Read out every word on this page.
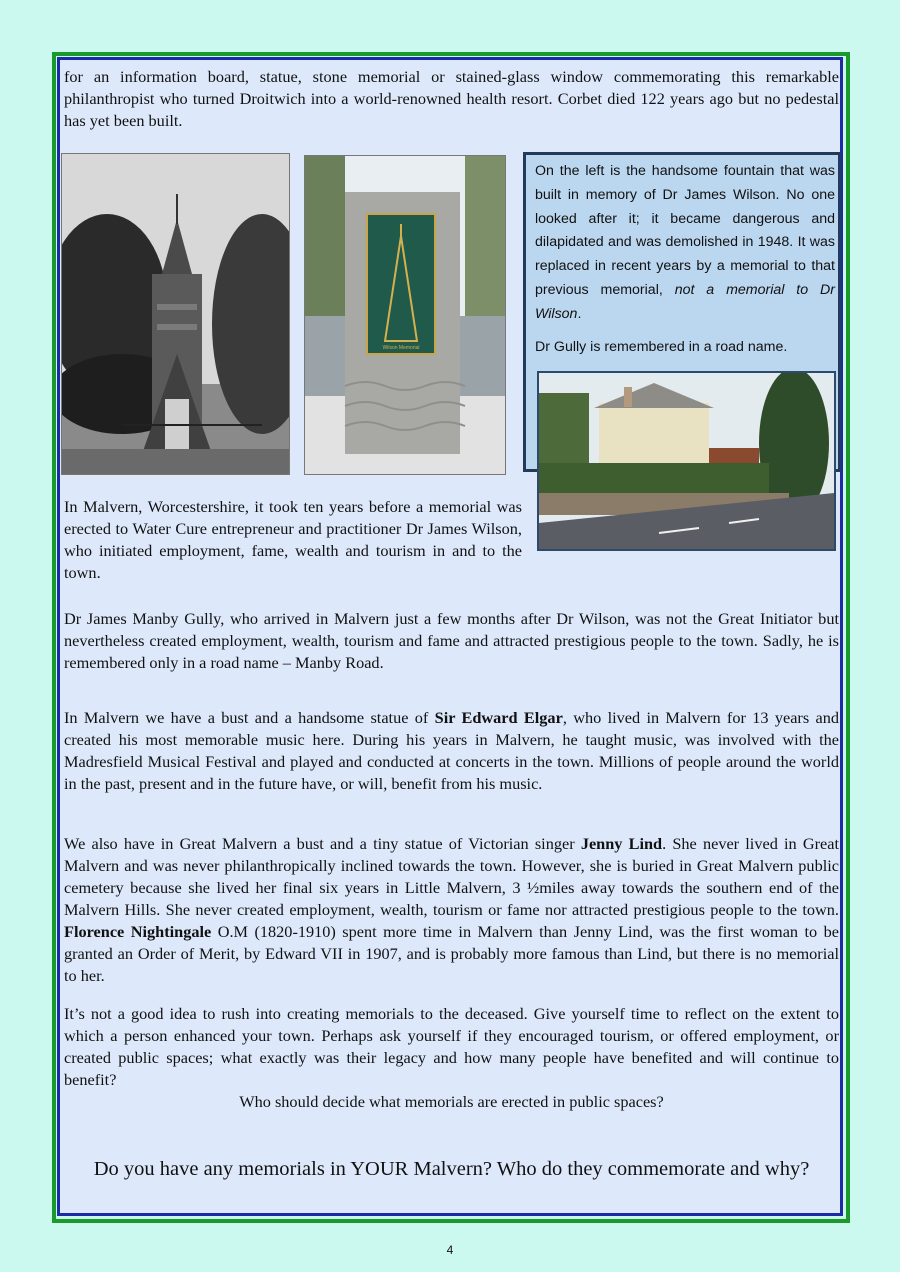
for an information board, statue, stone memorial or stained-glass window commemorating this remarkable philanthropist who turned Droitwich into a world-renowned health resort. Corbet died 122 years ago but no pedestal has yet been built.
Wilson Memorial

On the left is the handsome fountain that was built in memory of Dr James Wilson. No one looked after it; it became dangerous and dilapidated and was demolished in 1948. It was replaced in recent years by a memorial to that previous memorial, not a memorial to Dr Wilson.

Dr Gully is remembered in a road name.

In Malvern, Worcestershire, it took ten years before a memorial was erected to Water Cure entrepreneur and practitioner Dr James Wilson, who initiated employment, fame, wealth and tourism in and to the town.
Dr James Manby Gully, who arrived in Malvern just a few months after Dr Wilson, was not the Great Initiator but nevertheless created employment, wealth, tourism and fame and attracted prestigious people to the town. Sadly, he is remembered only in a road name – Manby Road.
In Malvern we have a bust and a handsome statue of Sir Edward Elgar, who lived in Malvern for 13 years and created his most memorable music here. During his years in Malvern, he taught music, was involved with the Madresfield Musical Festival and played and conducted at concerts in the town. Millions of people around the world in the past, present and in the future have, or will, benefit from his music.
We also have in Great Malvern a bust and a tiny statue of Victorian singer Jenny Lind. She never lived in Great Malvern and was never philanthropically inclined towards the town. However, she is buried in Great Malvern public cemetery because she lived her final six years in Little Malvern, 3 ½miles away towards the southern end of the Malvern Hills. She never created employment, wealth, tourism or fame nor attracted prestigious people to the town. Florence Nightingale O.M (1820-1910) spent more time in Malvern than Jenny Lind, was the first woman to be granted an Order of Merit, by Edward VII in 1907, and is probably more famous than Lind, but there is no memorial to her.
It’s not a good idea to rush into creating memorials to the deceased. Give yourself time to reflect on the extent to which a person enhanced your town. Perhaps ask yourself if they encouraged tourism, or offered employment, or created public spaces; what exactly was their legacy and how many people have benefited and will continue to benefit?
Who should decide what memorials are erected in public spaces?
Do you have any memorials in YOUR Malvern? Who do they commemorate and why?
4
